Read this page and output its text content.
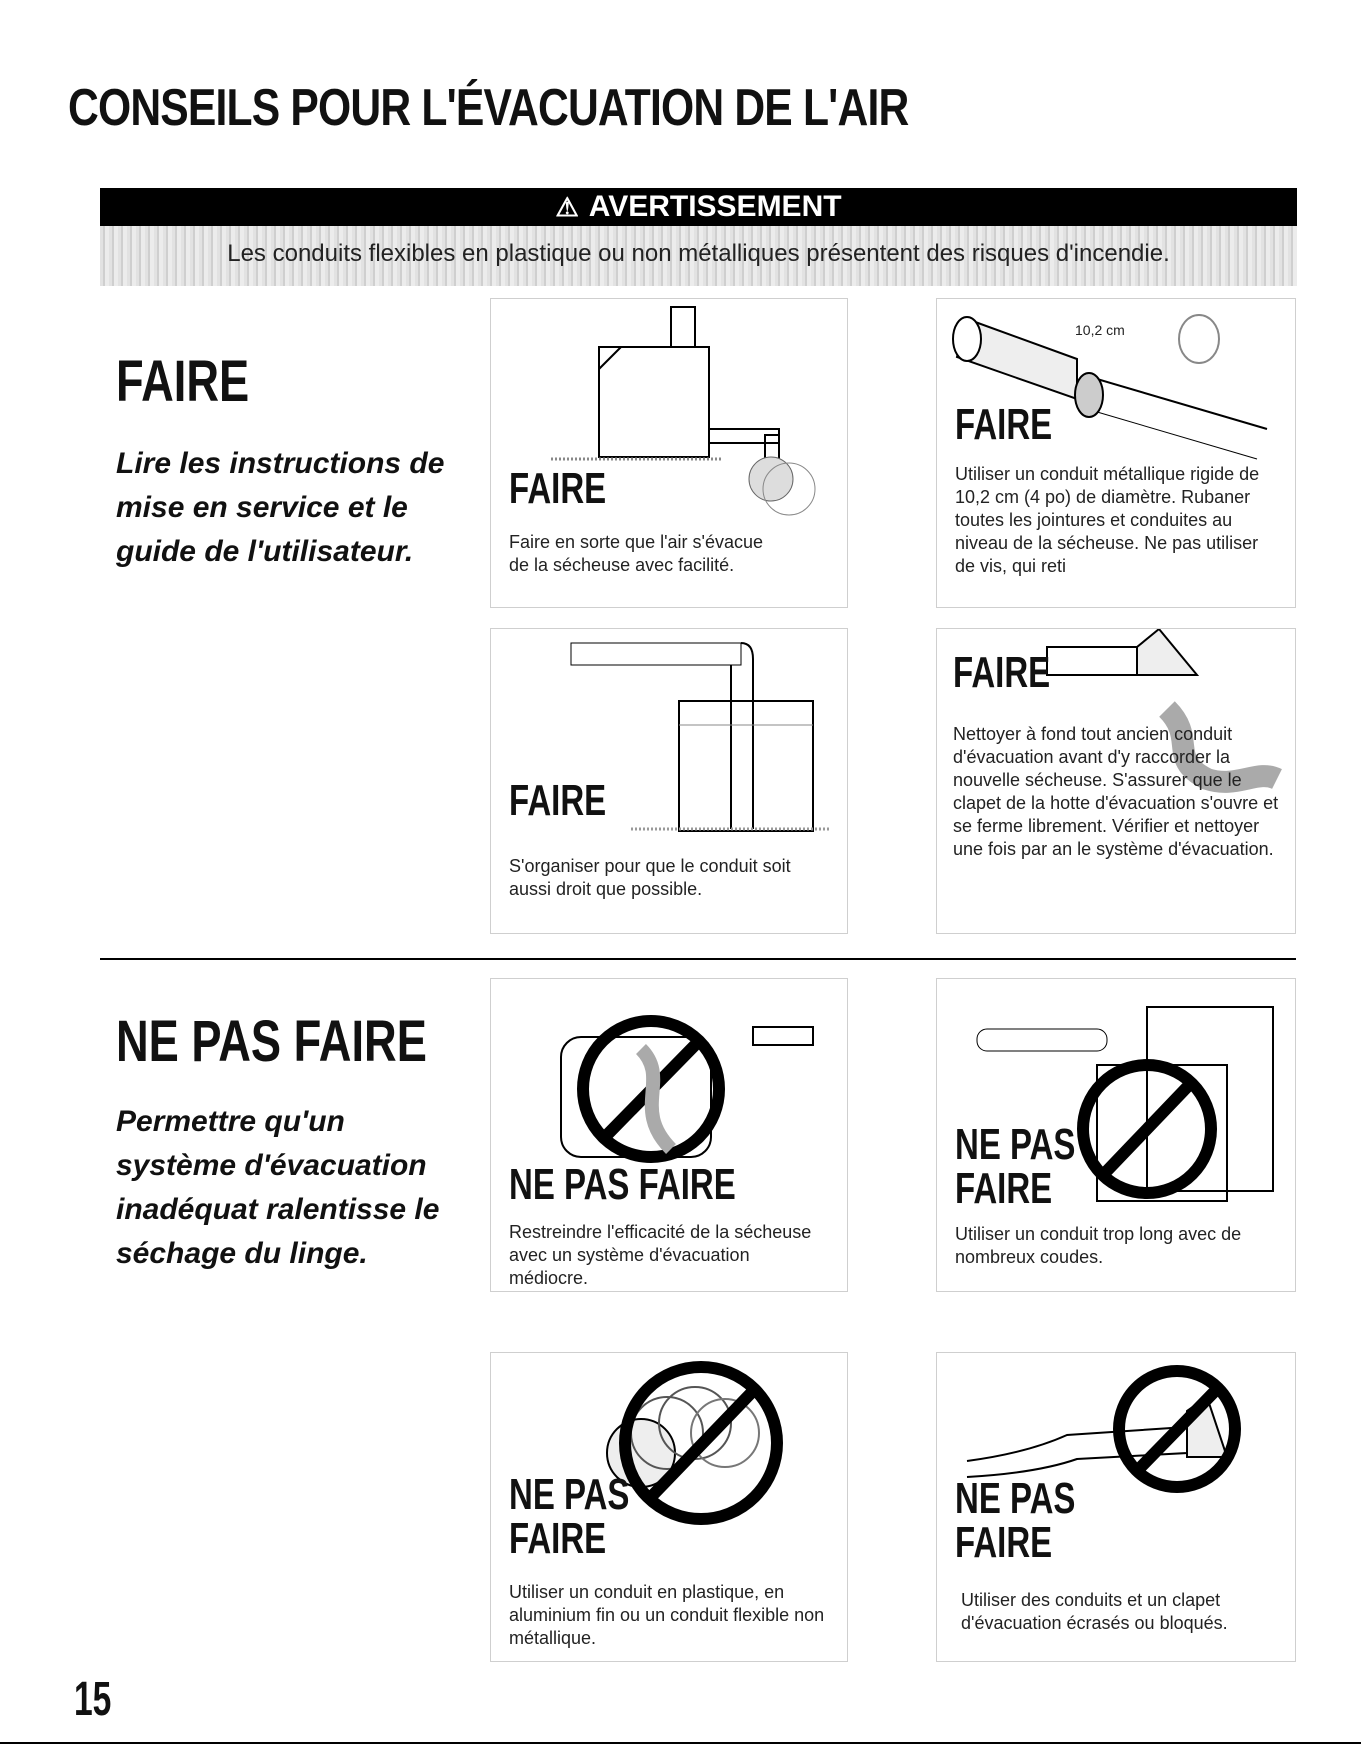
CONSEILS POUR L'ÉVACUATION DE L'AIR
⚠ AVERTISSEMENT
Les conduits flexibles en plastique ou non métalliques présentent des risques d'incendie.
FAIRE
Lire les instructions de mise en service et le guide de l'utilisateur.
FAIRE
Faire en sorte que l'air s'évacue de la sécheuse avec facilité.
10,2 cm
FAIRE
Utiliser un conduit métallique rigide de 10,2 cm (4 po) de diamètre. Rubaner toutes les jointures et conduites au niveau de la sécheuse. Ne pas utiliser de vis, qui reti
FAIRE
S'organiser pour que le conduit soit aussi droit que possible.
FAIRE
Nettoyer à fond tout ancien conduit d'évacuation avant d'y raccorder la nouvelle sécheuse. S'assurer que le clapet de la hotte d'évacuation s'ouvre et se ferme librement. Vérifier et nettoyer une fois par an le système d'évacuation.
NE PAS FAIRE
Permettre qu'un système d'évacuation inadéquat ralentisse le séchage du linge.
NE PAS FAIRE
Restreindre l'efficacité de la sécheuse avec un système d'évacuation médiocre.
NE PAS
FAIRE
Utiliser un conduit trop long avec de nombreux coudes.
NE PAS
FAIRE
Utiliser un conduit en plastique, en aluminium fin ou un conduit flexible non métallique.
NE PAS
FAIRE
Utiliser des conduits et un clapet d'évacuation écrasés ou bloqués.
15
